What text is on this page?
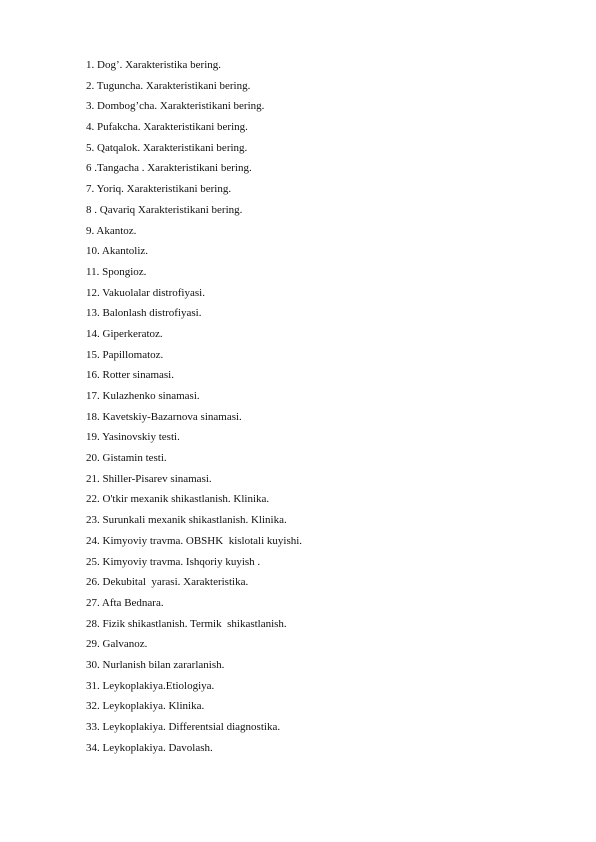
1. Dog’. Xarakteristika bering.
2. Tuguncha. Xarakteristikani bering.
3. Dombog’cha. Xarakteristikani bering.
4. Pufakcha. Xarakteristikani bering.
5. Qatqalok. Xarakteristikani bering.
6 .Tangacha . Xarakteristikani bering.
7. Yoriq. Xarakteristikani bering.
8 . Qavariq Xarakteristikani bering.
9. Akantoz.
10. Akantoliz.
11. Spongioz.
12. Vakuolalar distrofiyasi.
13. Balonlash distrofiyasi.
14. Giperkeratoz.
15. Papillomatoz.
16. Rotter sinamasi.
17. Kulazhenko sinamasi.
18. Kavetskiy-Bazarnova sinamasi.
19. Yasinovskiy testi.
20. Gistamin testi.
21. Shiller-Pisarev sinamasi.
22. O'tkir mexanik shikastlanish. Klinika.
23. Surunkali mexanik shikastlanish. Klinika.
24. Kimyoviy travma. OBSHK  kislotali kuyishi.
25. Kimyoviy travma. Ishqoriy kuyish .
26. Dekubital  yarasi. Xarakteristika.
27. Afta Bednara.
28. Fizik shikastlanish. Termik  shikastlanish.
29. Galvanoz.
30. Nurlanish bilan zararlanish.
31. Leykoplakiya.Etiologiya.
32. Leykoplakiya. Klinika.
33. Leykoplakiya. Differentsial diagnostika.
34. Leykoplakiya. Davolash.
